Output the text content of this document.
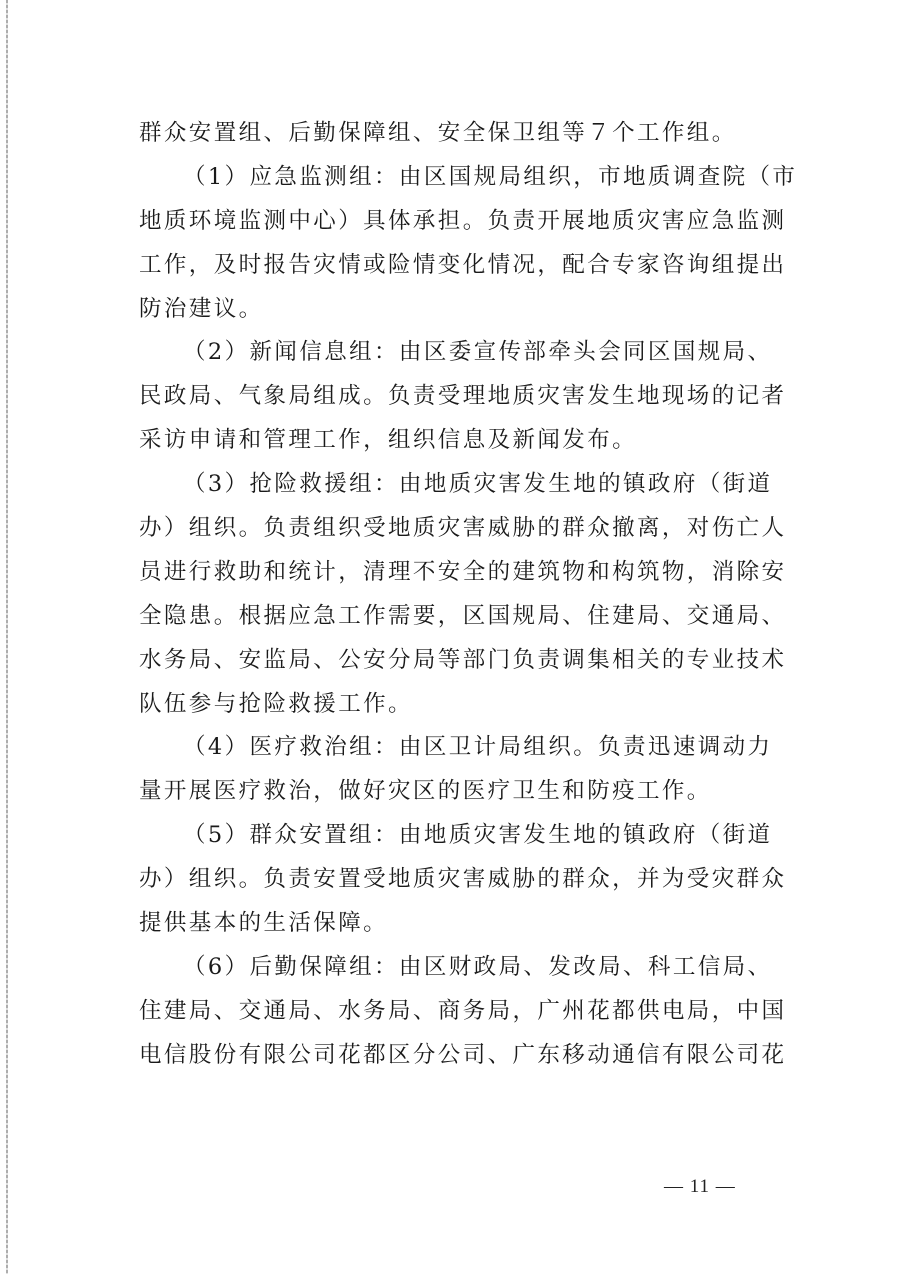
群众安置组、后勤保障组、安全保卫组等７个工作组。
（1）应急监测组：由区国规局组织，市地质调查院（市
地质环境监测中心）具体承担。负责开展地质灾害应急监测
工作，及时报告灾情或险情变化情况，配合专家咨询组提出
防治建议。
（2）新闻信息组：由区委宣传部牵头会同区国规局、
民政局、气象局组成。负责受理地质灾害发生地现场的记者
采访申请和管理工作，组织信息及新闻发布。
（3）抢险救援组：由地质灾害发生地的镇政府（街道
办）组织。负责组织受地质灾害威胁的群众撤离，对伤亡人
员进行救助和统计，清理不安全的建筑物和构筑物，消除安
全隐患。根据应急工作需要，区国规局、住建局、交通局、
水务局、安监局、公安分局等部门负责调集相关的专业技术
队伍参与抢险救援工作。
（4）医疗救治组：由区卫计局组织。负责迅速调动力
量开展医疗救治，做好灾区的医疗卫生和防疫工作。
（5）群众安置组：由地质灾害发生地的镇政府（街道
办）组织。负责安置受地质灾害威胁的群众，并为受灾群众
提供基本的生活保障。
（6）后勤保障组：由区财政局、发改局、科工信局、
住建局、交通局、水务局、商务局，广州花都供电局，中国
电信股份有限公司花都区分公司、广东移动通信有限公司花
— 11 —
